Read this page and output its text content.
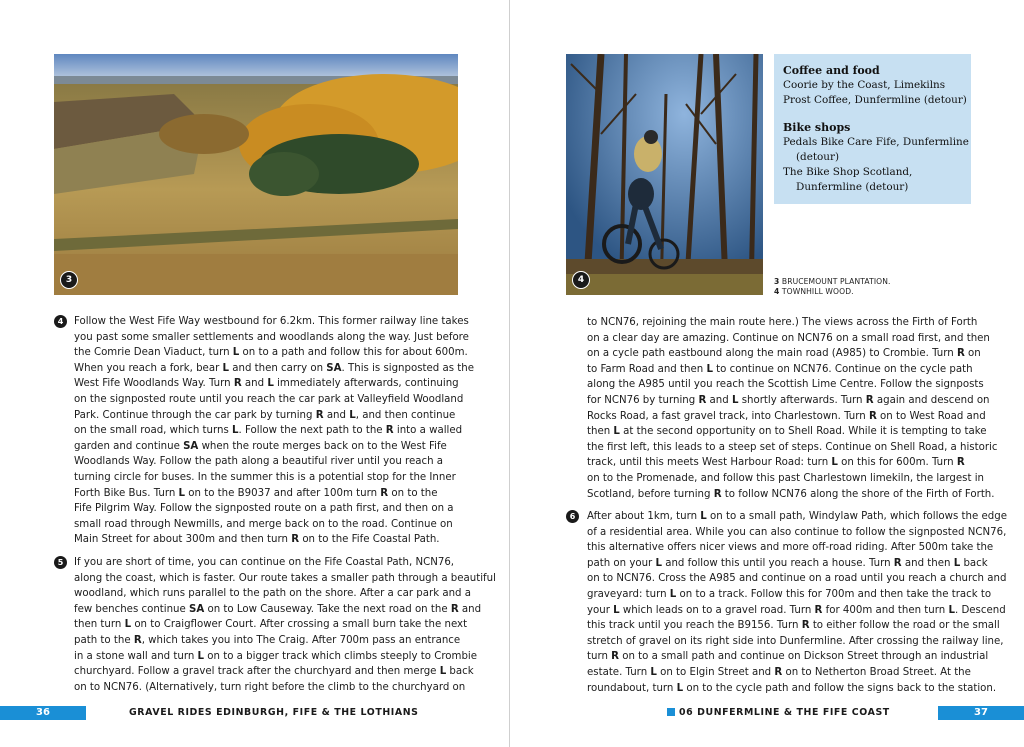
3
4	Follow the West Fife Way westbound for 6.2km. This former railway line takes

you past some smaller settlements and woodlands along the way. Just before

the Comrie Dean Viaduct, turn L on to a path and follow this for about 600m.

When you reach a fork, bear L and then carry on SA. This is signposted as the

West Fife Woodlands Way. Turn R and L immediately afterwards, continuing

on the signposted route until you reach the car park at Valleyfield Woodland

Park. Continue through the car park by turning R and L, and then continue

on the small road, which turns L. Follow the next path to the R into a walled

garden and continue SA when the route merges back on to the West Fife

Woodlands Way. Follow the path along a beautiful river until you reach a

turning circle for buses. In the summer this is a potential stop for the Inner

Forth Bike Bus. Turn L on to the B9037 and after 100m turn R on to the

Fife Pilgrim Way. Follow the signposted route on a path first, and then on a

small road through Newmills, and merge back on to the road. Continue on

Main Street for about 300m and then turn R on to the Fife Coastal Path.

5	If you are short of time, you can continue on the Fife Coastal Path, NCN76,

along the coast, which is faster. Our route takes a smaller path through a beautiful

woodland, which runs parallel to the path on the shore. After a car park and a

few benches continue SA on to Low Causeway. Take the next road on the R and

then turn L on to Craigflower Court. After crossing a small burn take the next

path to the R, which takes you into The Craig. After 700m pass an entrance

in a stone wall and turn L on to a bigger track which climbs steeply to Crombie

churchyard. Follow a gravel track after the churchyard and then merge L back

on to NCN76. (Alternatively, turn right before the climb to the churchyard on

36	GRAVEL RIDES EDINBURGH, FIFE & THE LOTHIANS
4
Coffee and food
Coorie by the Coast, Limekilns
Prost Coffee, Dunfermline (detour)
Bike shops
Pedals Bike Care Fife, Dunfermline
(detour)
The Bike Shop Scotland,
Dunfermline (detour)
3 BRUCEMOUNT PLANTATION.
4 TOWNHILL WOOD.

to NCN76, rejoining the main route here.) The views across the Firth of Forth

on a clear day are amazing. Continue on NCN76 on a small road first, and then

on a cycle path eastbound along the main road (A985) to Crombie. Turn R on

to Farm Road and then L to continue on NCN76. Continue on the cycle path

along the A985 until you reach the Scottish Lime Centre. Follow the signposts

for NCN76 by turning R and L shortly afterwards. Turn R again and descend on

Rocks Road, a fast gravel track, into Charlestown. Turn R on to West Road and

then L at the second opportunity on to Shell Road. While it is tempting to take

the first left, this leads to a steep set of steps. Continue on Shell Road, a historic

track, until this meets West Harbour Road: turn L on this for 600m. Turn R

on to the Promenade, and follow this past Charlestown limekiln, the largest in

Scotland, before turning R to follow NCN76 along the shore of the Firth of Forth.

6	After about 1km, turn L on to a small path, Windylaw Path, which follows the edge

of a residential area. While you can also continue to follow the signposted NCN76,

this alternative offers nicer views and more off-road riding. After 500m take the

path on your L and follow this until you reach a house. Turn R and then L back

on to NCN76. Cross the A985 and continue on a road until you reach a church and

graveyard: turn L on to a track. Follow this for 700m and then take the track to

your L which leads on to a gravel road. Turn R for 400m and then turn L. Descend

this track until you reach the B9156. Turn R to either follow the road or the small

stretch of gravel on its right side into Dunfermline. After crossing the railway line,

turn R on to a small path and continue on Dickson Street through an industrial

estate. Turn L on to Elgin Street and R on to Netherton Broad Street. At the

roundabout, turn L on to the cycle path and follow the signs back to the station.

06 DUNFERMLINE & THE FIFE COAST	37
